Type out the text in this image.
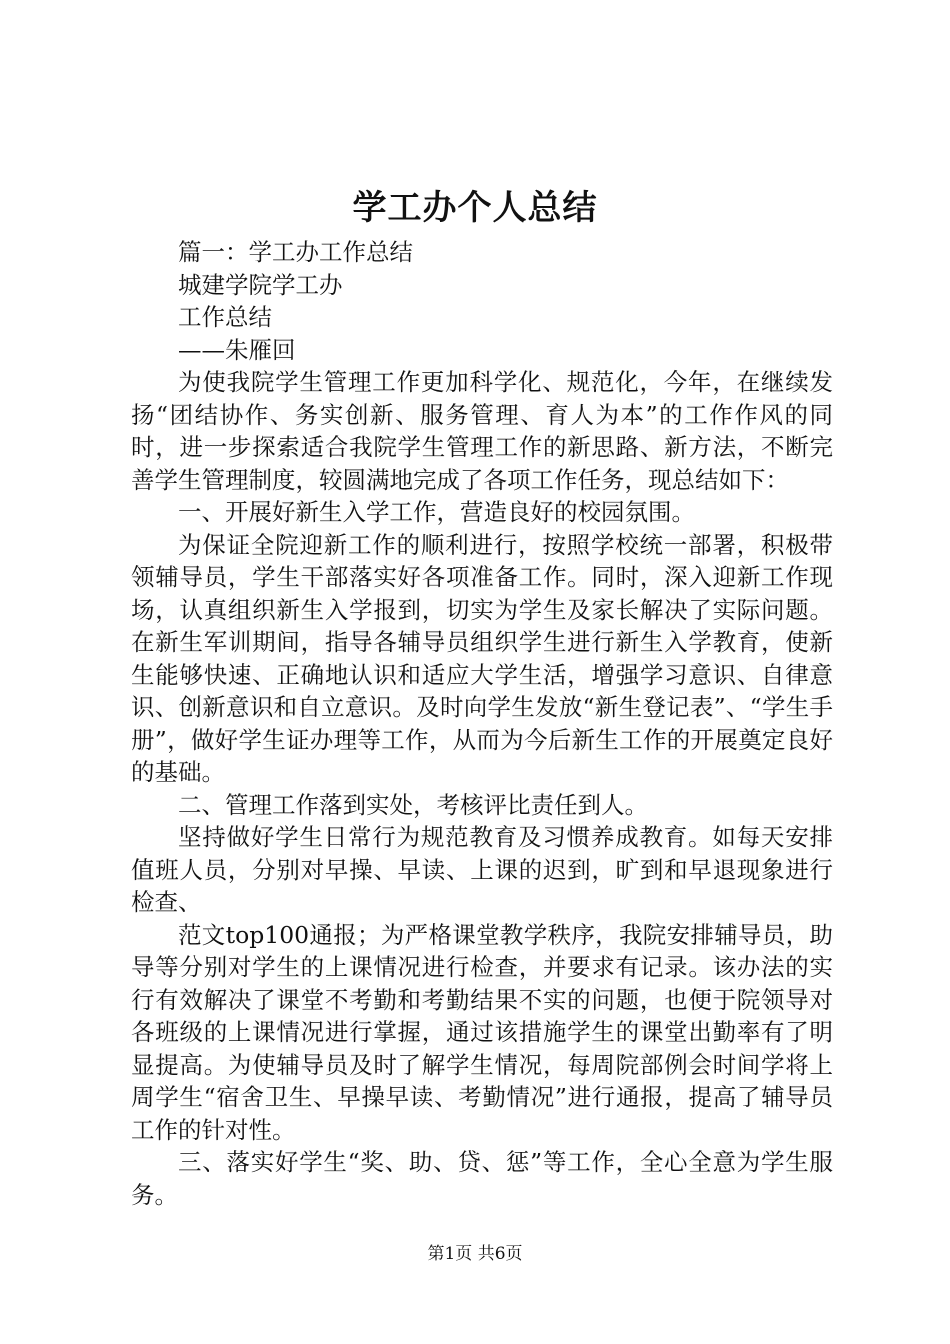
学工办个人总结

篇一：学工办工作总结

城建学院学工办

工作总结

——朱雁回

为使我院学生管理工作更加科学化、规范化，今年，在继续发扬“团结协作、务实创新、服务管理、育人为本”的工作作风的同时，进一步探索适合我院学生管理工作的新思路、新方法，不断完善学生管理制度，较圆满地完成了各项工作任务，现总结如下：

一、开展好新生入学工作，营造良好的校园氛围。

为保证全院迎新工作的顺利进行，按照学校统一部署，积极带领辅导员，学生干部落实好各项准备工作。同时，深入迎新工作现场，认真组织新生入学报到，切实为学生及家长解决了实际问题。在新生军训期间，指导各辅导员组织学生进行新生入学教育，使新生能够快速、正确地认识和适应大学生活，增强学习意识、自律意识、创新意识和自立意识。及时向学生发放“新生登记表”、“学生手册”，做好学生证办理等工作，从而为今后新生工作的开展奠定良好的基础。

二、管理工作落到实处，考核评比责任到人。

坚持做好学生日常行为规范教育及习惯养成教育。如每天安排值班人员，分别对早操、早读、上课的迟到，旷到和早退现象进行检查、

范文top100通报；为严格课堂教学秩序，我院安排辅导员，助导等分别对学生的上课情况进行检查，并要求有记录。该办法的实行有效解决了课堂不考勤和考勤结果不实的问题，也便于院领导对各班级的上课情况进行掌握，通过该措施学生的课堂出勤率有了明显提高。为使辅导员及时了解学生情况，每周院部例会时间学将上周学生“宿舍卫生、早操早读、考勤情况”进行通报，提高了辅导员工作的针对性。

三、落实好学生“奖、助、贷、惩”等工作，全心全意为学生服务。

第1页 共6页
